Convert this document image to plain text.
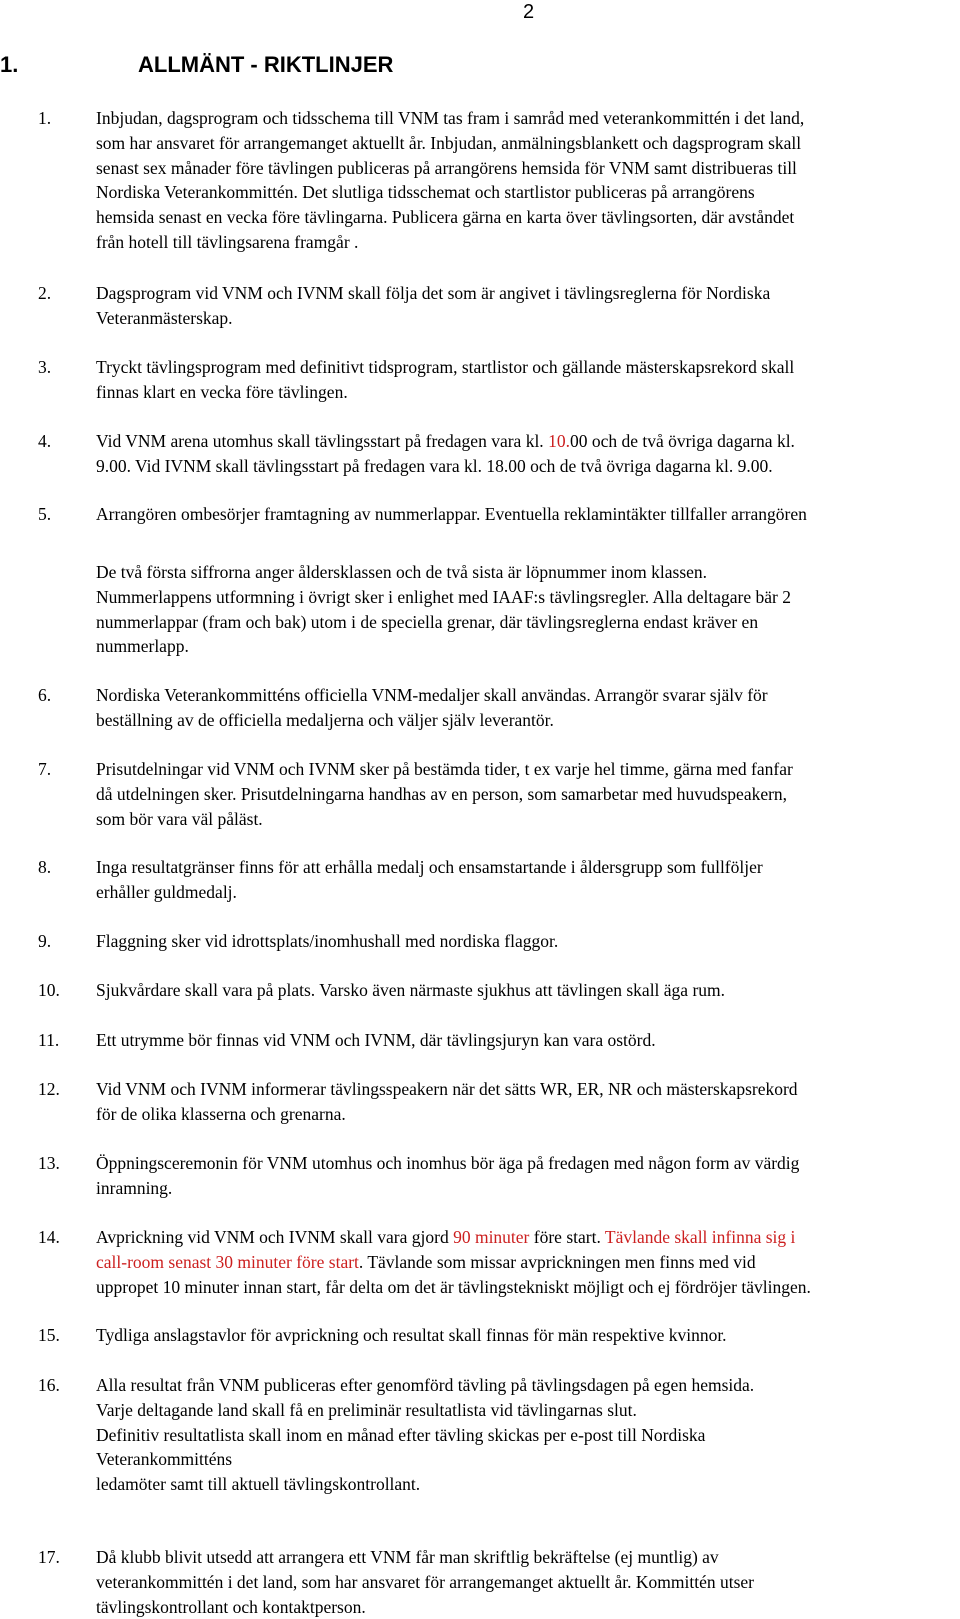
2
1.	ALLMÄNT - RIKTLINJER
1.	Inbjudan, dagsprogram och tidsschema till VNM tas fram i samråd med veterankommittén i det land,
som har ansvaret för arrangemanget aktuellt år. Inbjudan, anmälningsblankett och dagsprogram skall
senast sex månader före tävlingen publiceras på arrangörens hemsida för VNM samt distribueras till
Nordiska Veterankommittén. Det slutliga tidsschemat och startlistor publiceras på arrangörens
hemsida senast en vecka före tävlingarna. Publicera gärna en karta över tävlingsorten, där avståndet
från hotell till tävlingsarena framgår .
2.	Dagsprogram vid VNM och IVNM skall följa det som är angivet i tävlingsreglerna för Nordiska
Veteranmästerskap.
3.	Tryckt tävlingsprogram med definitivt tidsprogram, startlistor och gällande mästerskapsrekord skall
finnas klart en vecka före tävlingen.
4.	Vid VNM arena utomhus skall tävlingsstart på fredagen vara kl. 10.00 och de två övriga dagarna kl.
9.00. Vid IVNM skall tävlingsstart på fredagen vara kl. 18.00 och de två övriga dagarna kl. 9.00.
5.	Arrangören ombesörjer framtagning av nummerlappar. Eventuella reklamintäkter tillfaller arrangören
De två första siffrorna anger åldersklassen och de två sista är löpnummer inom klassen.
Nummerlappens utformning i övrigt sker i enlighet med IAAF:s tävlingsregler. Alla deltagare bär 2
nummerlappar (fram och bak) utom i de speciella grenar, där tävlingsreglerna endast kräver en
nummerlapp.
6.	Nordiska Veterankommitténs officiella VNM-medaljer skall användas. Arrangör svarar själv för
beställning av de officiella medaljerna och väljer själv leverantör.
7.	Prisutdelningar vid VNM och IVNM sker på bestämda tider, t ex varje hel timme, gärna med fanfar
då utdelningen sker. Prisutdelningarna handhas av en person, som samarbetar med huvudspeakern,
som bör vara väl påläst.
8.	Inga resultatgränser finns för att erhålla medalj och ensamstartande i åldersgrupp som fullföljer
erhåller guldmedalj.
9.	Flaggning sker vid idrottsplats/inomhushall med nordiska flaggor.
10. Sjukvårdare skall vara på plats. Varsko även närmaste sjukhus att tävlingen skall äga rum.
11. Ett utrymme bör finnas vid VNM och IVNM, där tävlingsjuryn kan vara ostörd.
12. Vid VNM och IVNM informerar tävlingsspeakern när det sätts WR, ER, NR och mästerskapsrekord
för de olika klasserna och grenarna.
13. Öppningsceremonin för VNM utomhus och inomhus bör äga på fredagen med någon form av värdig
inramning.
14. Avprickning vid VNM och IVNM skall vara gjord 90 minuter före start. Tävlande skall infinna sig i
call-room senast 30 minuter före start. Tävlande som missar avprickningen men finns med vid
uppropet 10 minuter innan start, får delta om det är tävlingstekniskt möjligt och ej fördröjer tävlingen.
15. Tydliga anslagstavlor för avprickning och resultat skall finnas för män respektive kvinnor.
16. Alla resultat från VNM publiceras efter genomförd tävling på tävlingsdagen på egen hemsida.
Varje deltagande land skall få en preliminär resultatlista vid tävlingarnas slut.
Definitiv resultatlista skall inom en månad efter tävling skickas per e-post till Nordiska
Veterankommitténs
ledamöter samt till aktuell tävlingskontrollant.
17. Då klubb blivit utsedd att arrangera ett VNM får man skriftlig bekräftelse (ej muntlig) av
veterankommittén i det land, som har ansvaret för arrangemanget aktuellt år. Kommittén utser
tävlingskontrollant och kontaktperson.
